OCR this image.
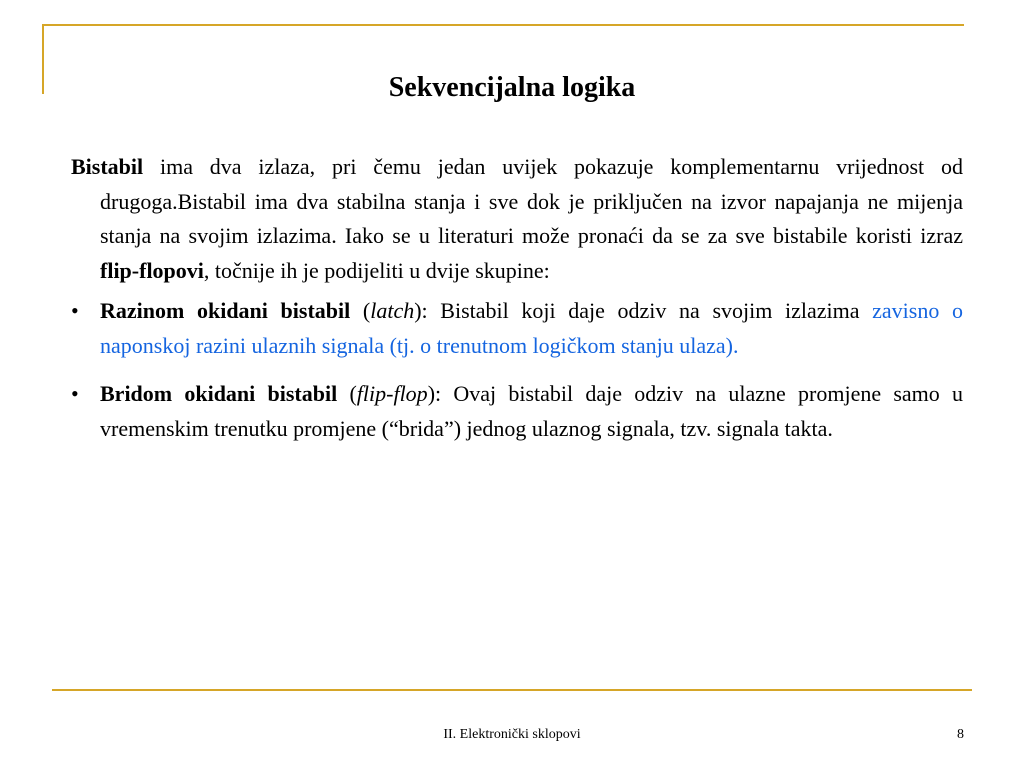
Sekvencijalna logika

Bistabil ima dva izlaza, pri čemu jedan uvijek pokazuje komplementarnu vrijednost od drugoga.Bistabil ima dva stabilna stanja i sve dok je priključen na izvor napajanja ne mijenja stanja na svojim izlazima. Iako se u literaturi može pronaći da se za sve bistabile koristi izraz flip-flopovi, točnije ih je podijeliti u dvije skupine:

• Razinom okidani bistabil (latch): Bistabil koji daje odziv na svojim izlazima zavisno o naponskoj razini ulaznih signala (tj. o trenutnom logičkom stanju ulaza).
• Bridom okidani bistabil (flip-flop): Ovaj bistabil daje odziv na ulazne promjene samo u vremenskim trenutku promjene (“brida”) jednog ulaznog signala, tzv. signala takta.
II. Elektronički sklopovi	8
